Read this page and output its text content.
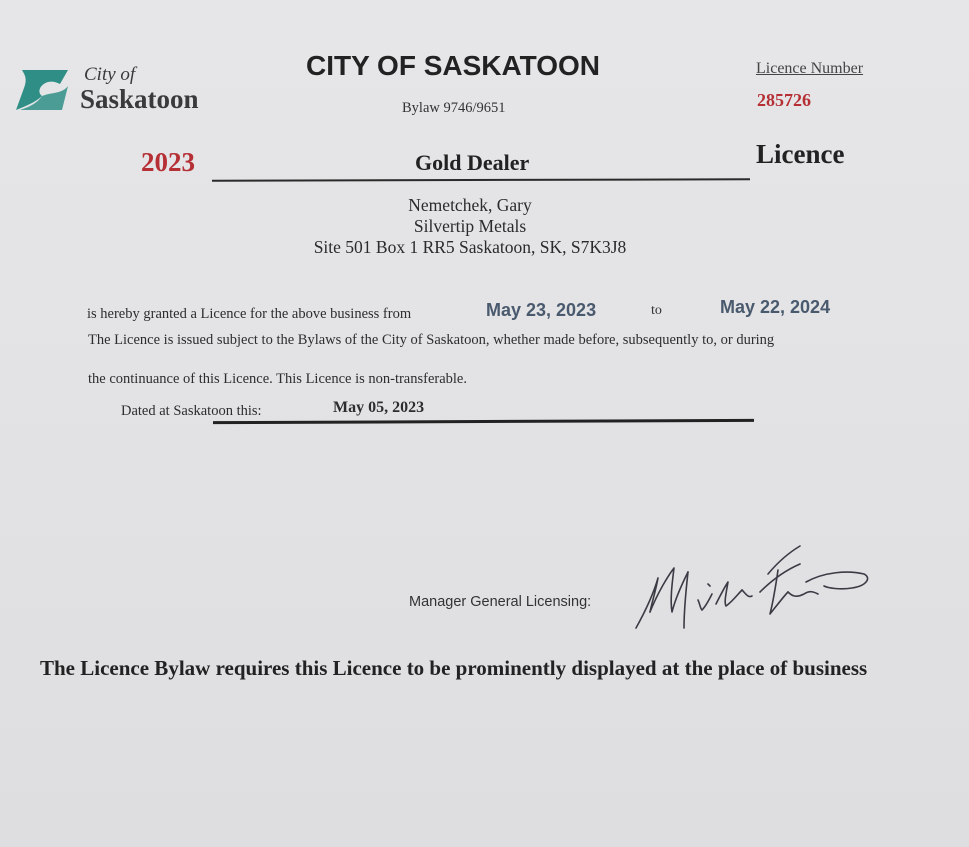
City of
Saskatoon
CITY OF SASKATOON
Bylaw 9746/9651
Licence Number
285726
2023	Gold Dealer	Licence
Nemetchek, Gary
Silvertip Metals
Site 501 Box 1 RR5 Saskatoon, SK, S7K3J8
is hereby granted a Licence for the above business from	May 23, 2023	to	May 22, 2024
The Licence is issued subject to the Bylaws of the City of Saskatoon, whether made before, subsequently to, or during
the continuance of this Licence. This Licence is non-transferable.
Dated at Saskatoon this:	May 05, 2023
Manager General Licensing:
The Licence Bylaw requires this Licence to be prominently displayed at the place of business
